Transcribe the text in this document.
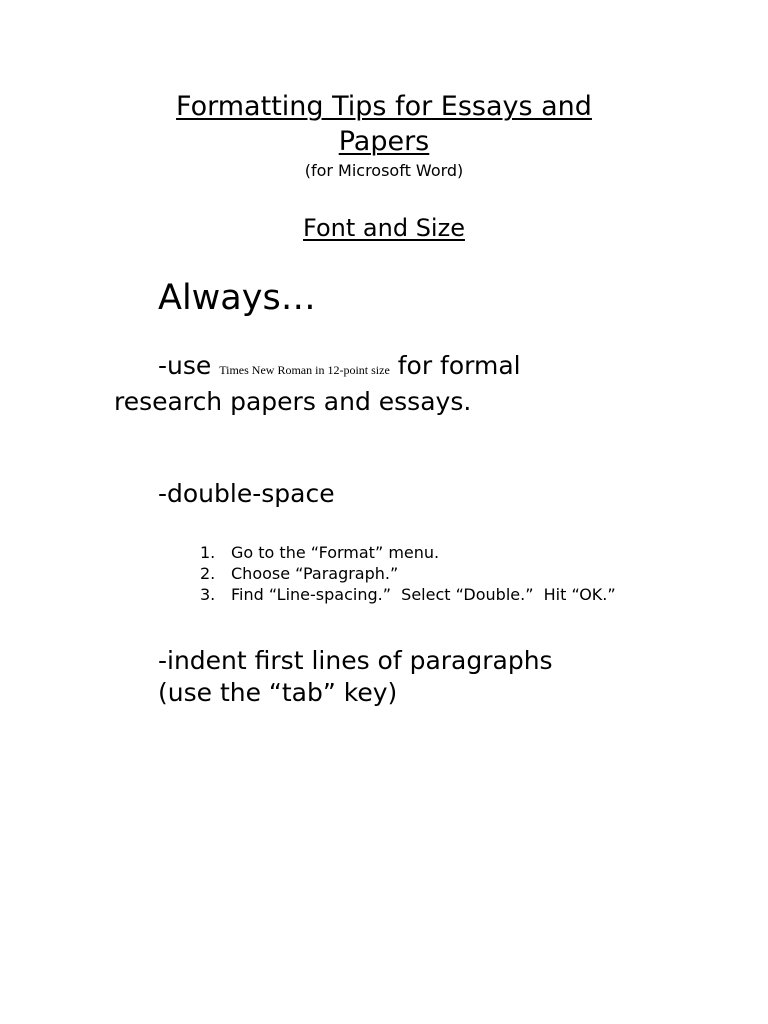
Formatting Tips for Essays and
Papers
(for Microsoft Word)
Font and Size
Always…
-use Times New Roman in 12-point size for formal
research papers and essays.
-double-space
1. Go to the “Format” menu.
2. Choose “Paragraph.”
3. Find “Line-spacing.”  Select “Double.”  Hit “OK.”
-indent first lines of paragraphs
(use the “tab” key)
